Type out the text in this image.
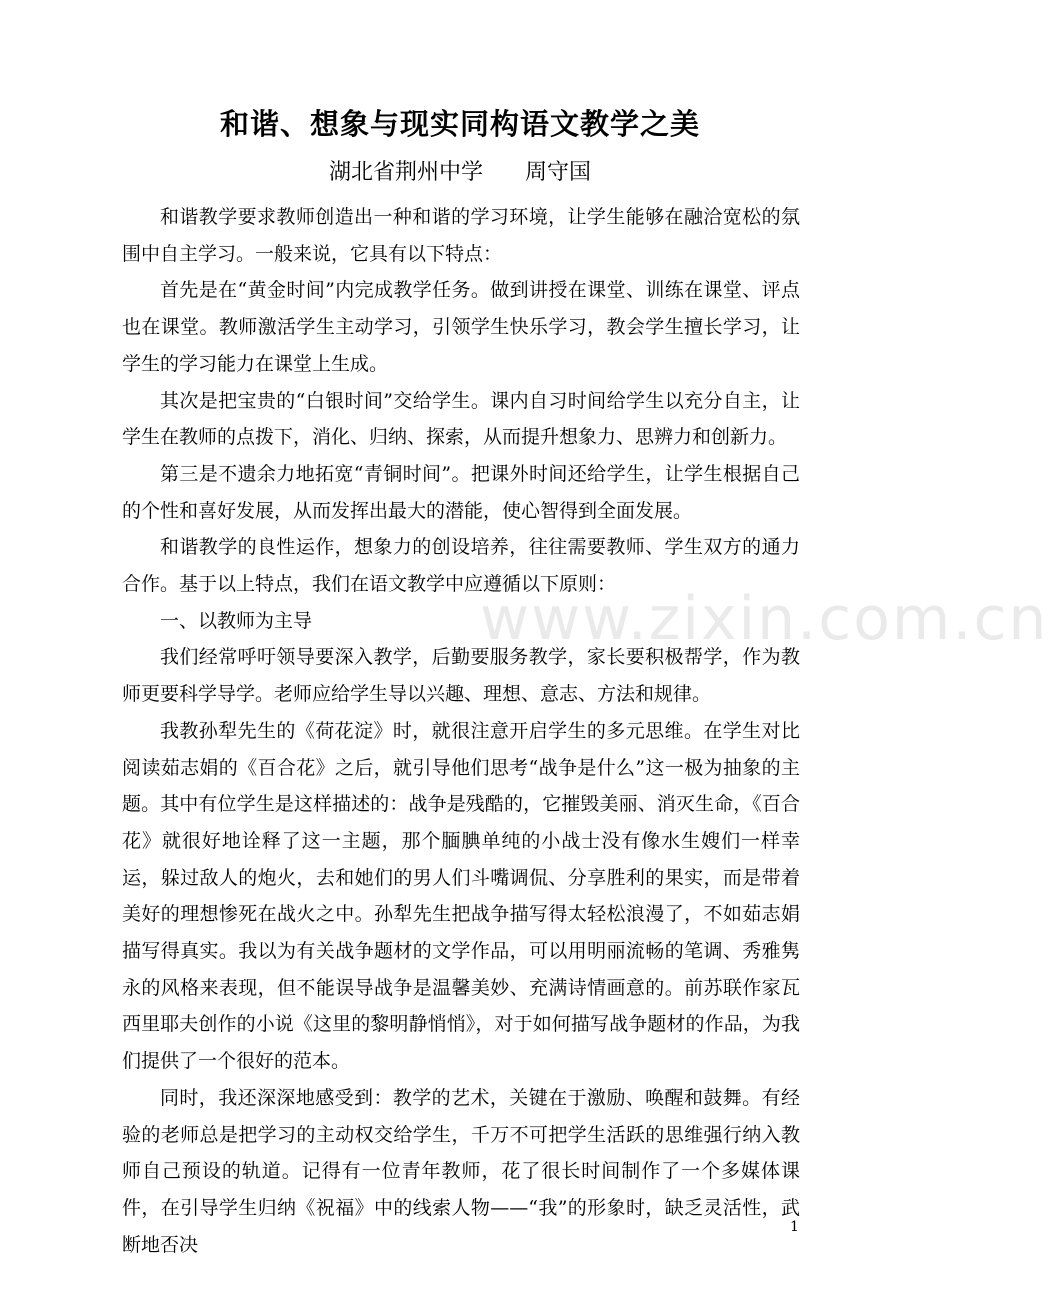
和谐、想象与现实同构语文教学之美
湖北省荆州中学 周守国

和谐教学要求教师创造出一种和谐的学习环境，让学生能够在融洽宽松的氛围中自主学习。一般来说，它具有以下特点：

首先是在“黄金时间”内完成教学任务。做到讲授在课堂、训练在课堂、评点也在课堂。教师激活学生主动学习，引领学生快乐学习，教会学生擅长学习，让学生的学习能力在课堂上生成。

其次是把宝贵的“白银时间”交给学生。课内自习时间给学生以充分自主，让学生在教师的点拨下，消化、归纳、探索，从而提升想象力、思辨力和创新力。

第三是不遗余力地拓宽“青铜时间”。把课外时间还给学生，让学生根据自己的个性和喜好发展，从而发挥出最大的潜能，使心智得到全面发展。

和谐教学的良性运作，想象力的创设培养，往往需要教师、学生双方的通力合作。基于以上特点，我们在语文教学中应遵循以下原则：

一、以教师为主导

我们经常呼吁领导要深入教学，后勤要服务教学，家长要积极帮学，作为教师更要科学导学。老师应给学生导以兴趣、理想、意志、方法和规律。

我教孙犁先生的《荷花淀》时，就很注意开启学生的多元思维。在学生对比阅读茹志娟的《百合花》之后，就引导他们思考“战争是什么”这一极为抽象的主题。其中有位学生是这样描述的：战争是残酷的，它摧毁美丽、消灭生命，《百合花》就很好地诠释了这一主题，那个腼腆单纯的小战士没有像水生嫂们一样幸运，躲过敌人的炮火，去和她们的男人们斗嘴调侃、分享胜利的果实，而是带着美好的理想惨死在战火之中。孙犁先生把战争描写得太轻松浪漫了，不如茹志娟描写得真实。我以为有关战争题材的文学作品，可以用明丽流畅的笔调、秀雅隽永的风格来表现，但不能误导战争是温馨美妙、充满诗情画意的。前苏联作家瓦西里耶夫创作的小说《这里的黎明静悄悄》，对于如何描写战争题材的作品，为我们提供了一个很好的范本。

同时，我还深深地感受到：教学的艺术，关键在于激励、唤醒和鼓舞。有经验的老师总是把学习的主动权交给学生，千万不可把学生活跃的思维强行纳入教师自己预设的轨道。记得有一位青年教师，花了很长时间制作了一个多媒体课件，在引导学生归纳《祝福》中的线索人物——“我”的形象时，缺乏灵活性，武断地否决

www.zixin.com.cn
1
